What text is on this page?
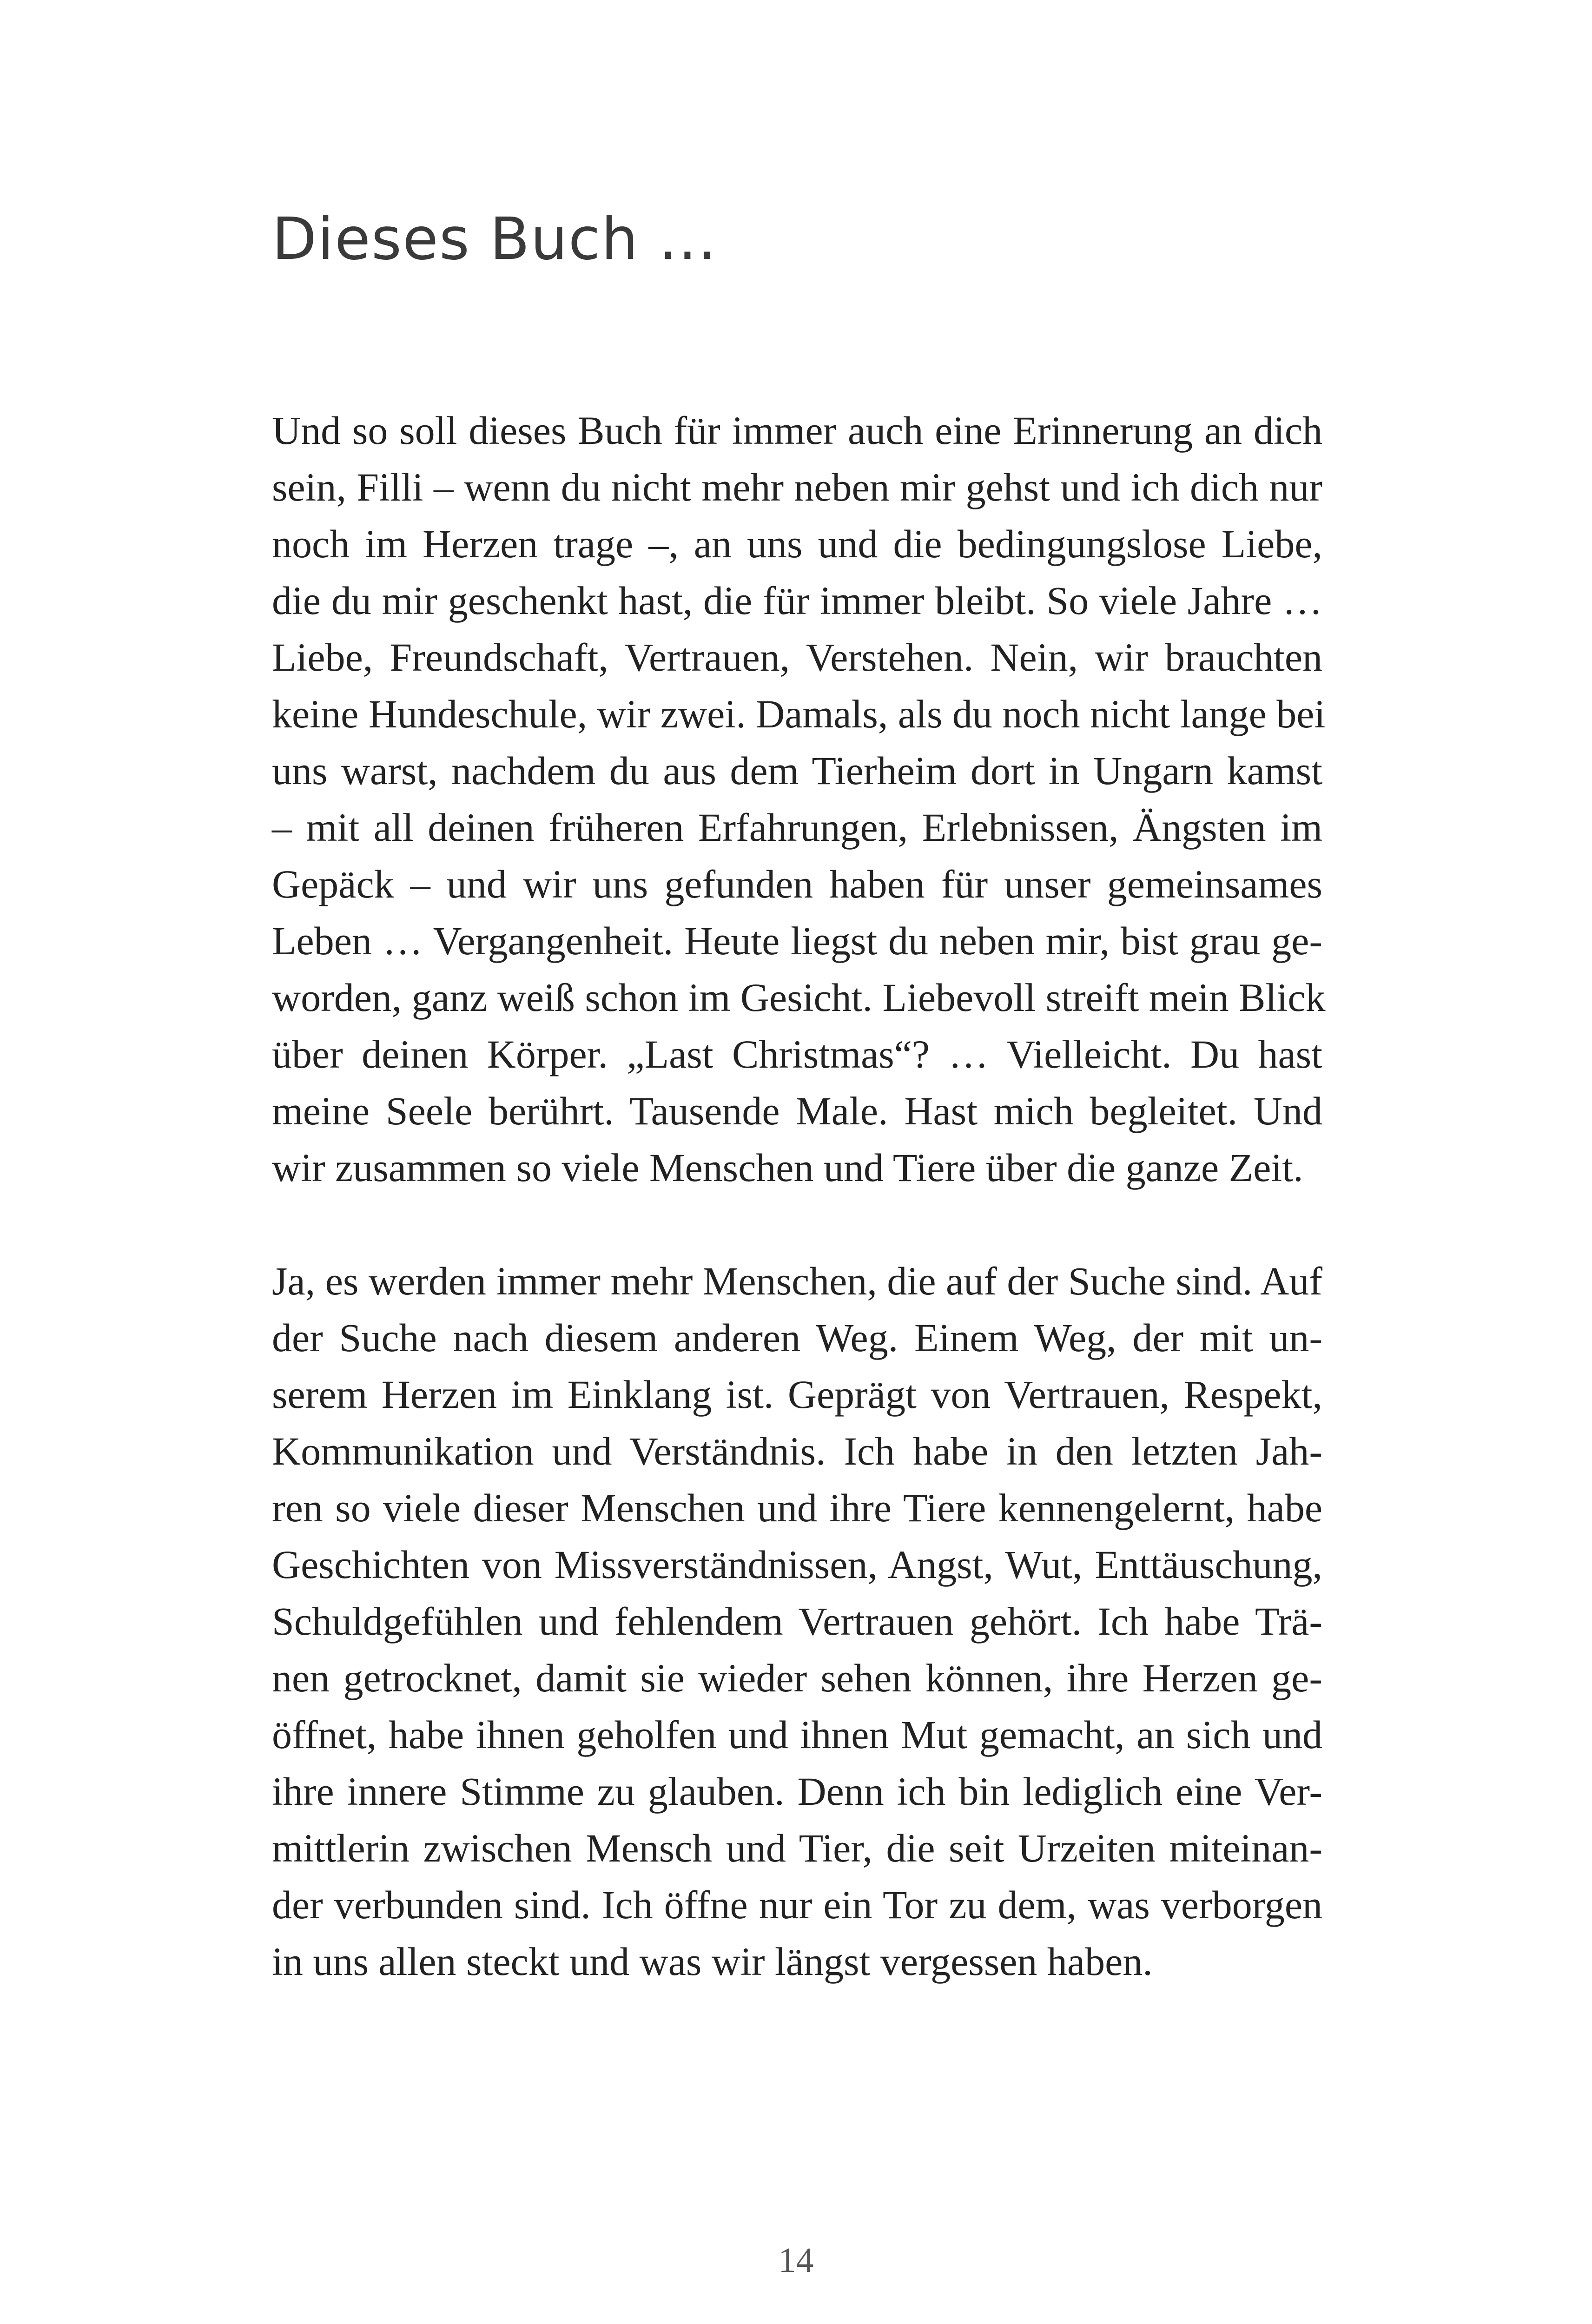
Dieses Buch …
Und so soll dieses Buch für immer auch eine Erinnerung an dich
sein, Filli – wenn du nicht mehr neben mir gehst und ich dich nur
noch im Herzen trage –, an uns und die bedingungslose Liebe,
die du mir geschenkt hast, die für immer bleibt. So viele Jahre …
Liebe, Freundschaft, Vertrauen, Verstehen. Nein, wir brauchten
keine Hundeschule, wir zwei. Damals, als du noch nicht lange bei
uns warst, nachdem du aus dem Tierheim dort in Ungarn kamst
– mit all deinen früheren Erfahrungen, Erlebnissen, Ängsten im
Gepäck – und wir uns gefunden haben für unser gemeinsames
Leben … Vergangenheit. Heute liegst du neben mir, bist grau ge-
worden, ganz weiß schon im Gesicht. Liebevoll streift mein Blick
über deinen Körper. „Last Christmas“? … Vielleicht. Du hast
meine Seele berührt. Tausende Male. Hast mich begleitet. Und
wir zusammen so viele Menschen und Tiere über die ganze Zeit.
Ja, es werden immer mehr Menschen, die auf der Suche sind. Auf
der Suche nach diesem anderen Weg. Einem Weg, der mit un-
serem Herzen im Einklang ist. Geprägt von Vertrauen, Respekt,
Kommunikation und Verständnis. Ich habe in den letzten Jah-
ren so viele dieser Menschen und ihre Tiere kennengelernt, habe
Geschichten von Missverständnissen, Angst, Wut, Enttäuschung,
Schuldgefühlen und fehlendem Vertrauen gehört. Ich habe Trä-
nen getrocknet, damit sie wieder sehen können, ihre Herzen ge-
öffnet, habe ihnen geholfen und ihnen Mut gemacht, an sich und
ihre innere Stimme zu glauben. Denn ich bin lediglich eine Ver-
mittlerin zwischen Mensch und Tier, die seit Urzeiten miteinan-
der verbunden sind. Ich öffne nur ein Tor zu dem, was verborgen
in uns allen steckt und was wir längst vergessen haben.
14
